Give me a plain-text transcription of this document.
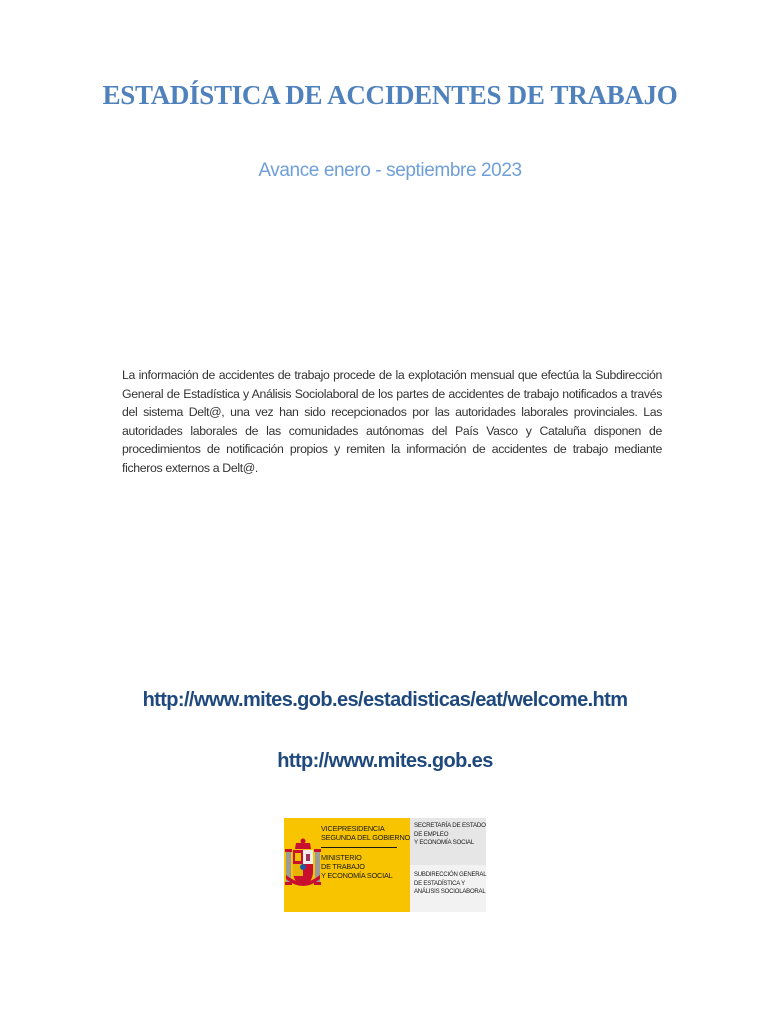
ESTADÍSTICA DE ACCIDENTES DE TRABAJO
Avance enero - septiembre 2023
La información de accidentes de trabajo procede de la explotación mensual que efectúa la Subdirección General de Estadística y Análisis Sociolaboral de los partes de accidentes de trabajo notificados a través del sistema Delt@, una vez han sido recepcionados por las autoridades laborales provinciales. Las autoridades laborales de las comunidades autónomas del País Vasco y Cataluña disponen de procedimientos de notificación propios y remiten la información de accidentes de trabajo mediante ficheros externos a Delt@.
http://www.mites.gob.es/estadisticas/eat/welcome.htm
http://www.mites.gob.es
VICEPRESIDENCIA
SEGUNDA DEL GOBIERNO
MINISTERIO
DE TRABAJO
Y ECONOMÍA SOCIAL
SECRETARÍA DE ESTADO
DE EMPLEO
Y ECONOMÍA SOCIAL
SUBDIRECCIÓN GENERAL
DE ESTADÍSTICA Y
ANÁLISIS SOCIOLABORAL
